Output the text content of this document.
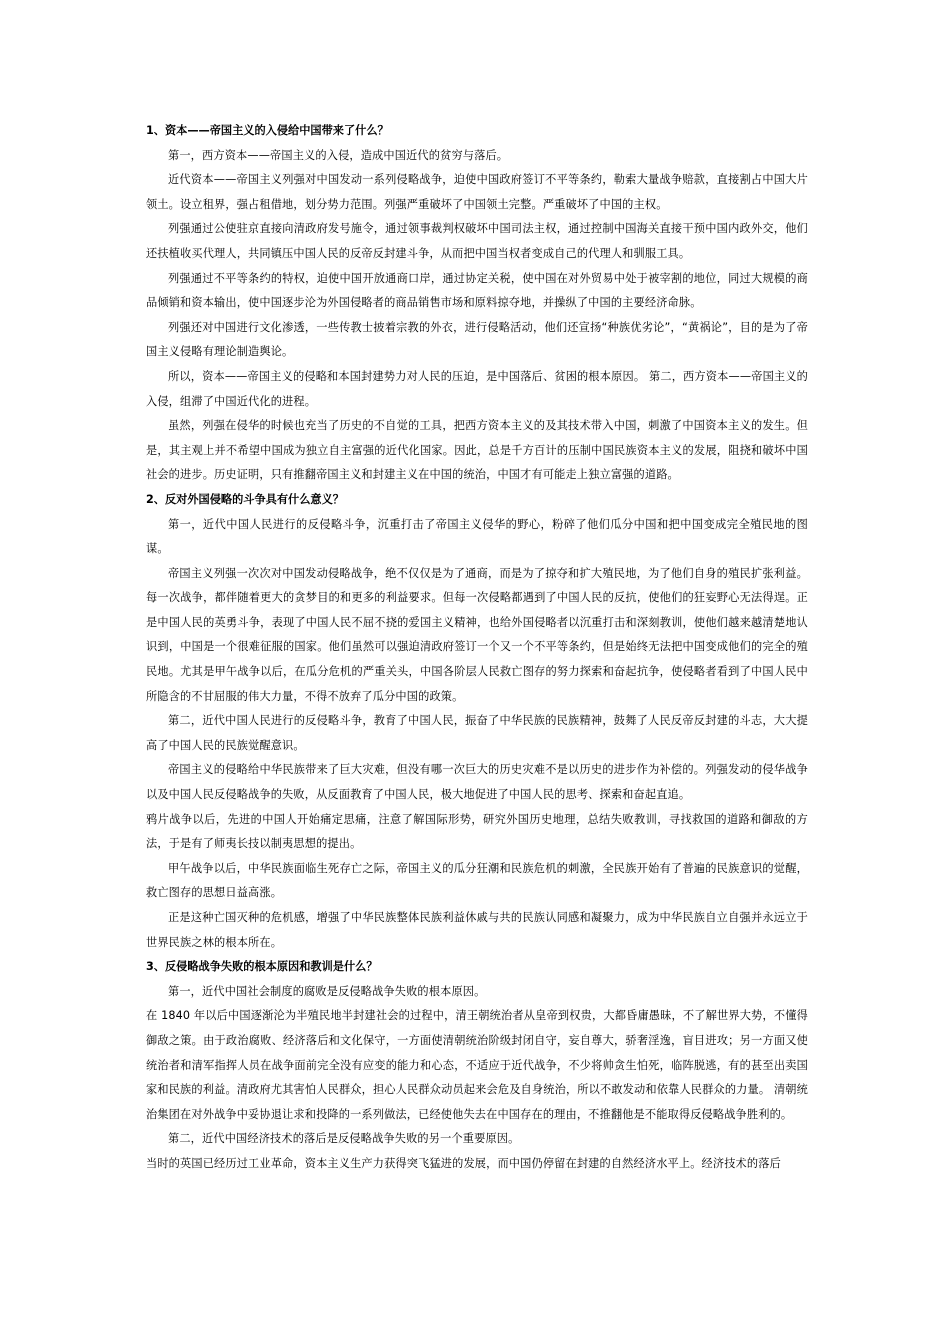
1、资本——帝国主义的入侵给中国带来了什么？

第一，西方资本——帝国主义的入侵，造成中国近代的贫穷与落后。

近代资本——帝国主义列强对中国发动一系列侵略战争，迫使中国政府签订不平等条约，勒索大量战争赔款，直接割占中国大片领土。设立租界，强占租借地，划分势力范围。列强严重破坏了中国领土完整。严重破坏了中国的主权。

列强通过公使驻京直接向清政府发号施令，通过领事裁判权破坏中国司法主权，通过控制中国海关直接干预中国内政外交，他们还扶植收买代理人，共同镇压中国人民的反帝反封建斗争，从而把中国当权者变成自己的代理人和驯服工具。

列强通过不平等条约的特权，迫使中国开放通商口岸，通过协定关税，使中国在对外贸易中处于被宰割的地位，同过大规模的商品倾销和资本输出，使中国逐步沦为外国侵略者的商品销售市场和原料掠夺地，并操纵了中国的主要经济命脉。

列强还对中国进行文化渗透，一些传教士披着宗教的外衣，进行侵略活动，他们还宣扬“种族优劣论”，“黄祸论”，目的是为了帝国主义侵略有理论制造舆论。

所以，资本——帝国主义的侵略和本国封建势力对人民的压迫，是中国落后、贫困的根本原因。 第二，西方资本——帝国主义的入侵，组滞了中国近代化的进程。

虽然，列强在侵华的时候也充当了历史的不自觉的工具，把西方资本主义的及其技术带入中国，刺激了中国资本主义的发生。但是，其主观上并不希望中国成为独立自主富强的近代化国家。因此，总是千方百计的压制中国民族资本主义的发展，阻挠和破坏中国社会的进步。历史证明，只有推翻帝国主义和封建主义在中国的统治，中国才有可能走上独立富强的道路。

2、反对外国侵略的斗争具有什么意义？

第一，近代中国人民进行的反侵略斗争，沉重打击了帝国主义侵华的野心，粉碎了他们瓜分中国和把中国变成完全殖民地的图谋。

帝国主义列强一次次对中国发动侵略战争，绝不仅仅是为了通商，而是为了掠夺和扩大殖民地，为了他们自身的殖民扩张利益。每一次战争，都伴随着更大的贪梦目的和更多的利益要求。但每一次侵略都遇到了中国人民的反抗，使他们的狂妄野心无法得逞。正是中国人民的英勇斗争，表现了中国人民不屈不挠的爱国主义精神，也给外国侵略者以沉重打击和深刻教训，使他们越来越清楚地认识到，中国是一个很难征服的国家。他们虽然可以强迫清政府签订一个又一个不平等条约，但是始终无法把中国变成他们的完全的殖民地。尤其是甲午战争以后，在瓜分危机的严重关头，中国各阶层人民救亡图存的努力探索和奋起抗争，使侵略者看到了中国人民中所隐含的不甘屈服的伟大力量，不得不放弃了瓜分中国的政策。

第二，近代中国人民进行的反侵略斗争，教育了中国人民，振奋了中华民族的民族精神，鼓舞了人民反帝反封建的斗志，大大提高了中国人民的民族觉醒意识。

帝国主义的侵略给中华民族带来了巨大灾难，但没有哪一次巨大的历史灾难不是以历史的进步作为补偿的。列强发动的侵华战争以及中国人民反侵略战争的失败，从反面教育了中国人民，极大地促进了中国人民的思考、探索和奋起直追。

鸦片战争以后，先进的中国人开始痛定思痛，注意了解国际形势，研究外国历史地理，总结失败教训，寻找救国的道路和御敌的方法，于是有了师夷长技以制夷思想的提出。

甲午战争以后，中华民族面临生死存亡之际，帝国主义的瓜分狂潮和民族危机的刺激，全民族开始有了普遍的民族意识的觉醒，救亡图存的思想日益高涨。

正是这种亡国灭种的危机感，增强了中华民族整体民族利益休戚与共的民族认同感和凝聚力，成为中华民族自立自强并永远立于世界民族之林的根本所在。

3、反侵略战争失败的根本原因和教训是什么？

第一，近代中国社会制度的腐败是反侵略战争失败的根本原因。

在 1840 年以后中国逐渐沦为半殖民地半封建社会的过程中，清王朝统治者从皇帝到权贵，大都昏庸愚昧，不了解世界大势，不懂得御敌之策。由于政治腐败、经济落后和文化保守，一方面使清朝统治阶级封闭自守，妄自尊大，骄奢淫逸，盲目进攻；另一方面又使统治者和清军指挥人员在战争面前完全没有应变的能力和心态，不适应于近代战争，不少将帅贪生怕死，临阵脱逃，有的甚至出卖国家和民族的利益。清政府尤其害怕人民群众，担心人民群众动员起来会危及自身统治，所以不敢发动和依靠人民群众的力量。 清朝统治集团在对外战争中妥协退让求和投降的一系列做法，已经使他失去在中国存在的理由，不推翻他是不能取得反侵略战争胜利的。

第二，近代中国经济技术的落后是反侵略战争失败的另一个重要原因。

当时的英国已经历过工业革命，资本主义生产力获得突飞猛进的发展，而中国仍停留在封建的自然经济水平上。经济技术的落后
